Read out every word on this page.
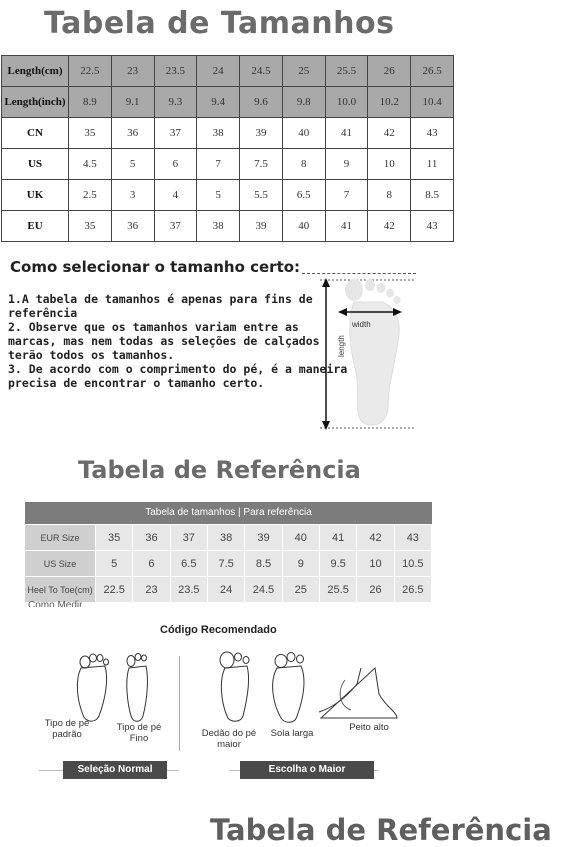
Tabela de Tamanhos
Length(cm)	22.5	23	23.5	24	24.5	25	25.5	26	26.5
Length(inch)	8.9	9.1	9.3	9.4	9.6	9.8	10.0	10.2	10.4
CN	35	36	37	38	39	40	41	42	43
US	4.5	5	6	7	7.5	8	9	10	11
UK	2.5	3	4	5	5.5	6.5	7	8	8.5
EU	35	36	37	38	39	40	41	42	43
Como selecionar o tamanho certo:

1.A tabela de tamanhos é apenas para fins de referência

2. Observe que os tamanhos variam entre as marcas, mas nem todas as seleções de calçados terão todos os tamanhos.

3. De acordo com o comprimento do pé, é a maneira precisa de encontrar o tamanho certo.

length
width
Tabela de Referência
Tabela de tamanhos | Para referência
EUR Size	35	36	37	38	39	40	41	42	43
US Size	5	6	6.5	7.5	8.5	9	9.5	10	10.5
Heel To Toe(cm)	22.5	23	23.5	24	24.5	25	25.5	26	26.5
Como Medir
Código Recomendado
Tipo de pé padrão
Tipo de pé Fino	Dedão do pé maior
Sola larga
Peito alto
Seleção Normal	Escolha o Maior
Tabela de Referência
